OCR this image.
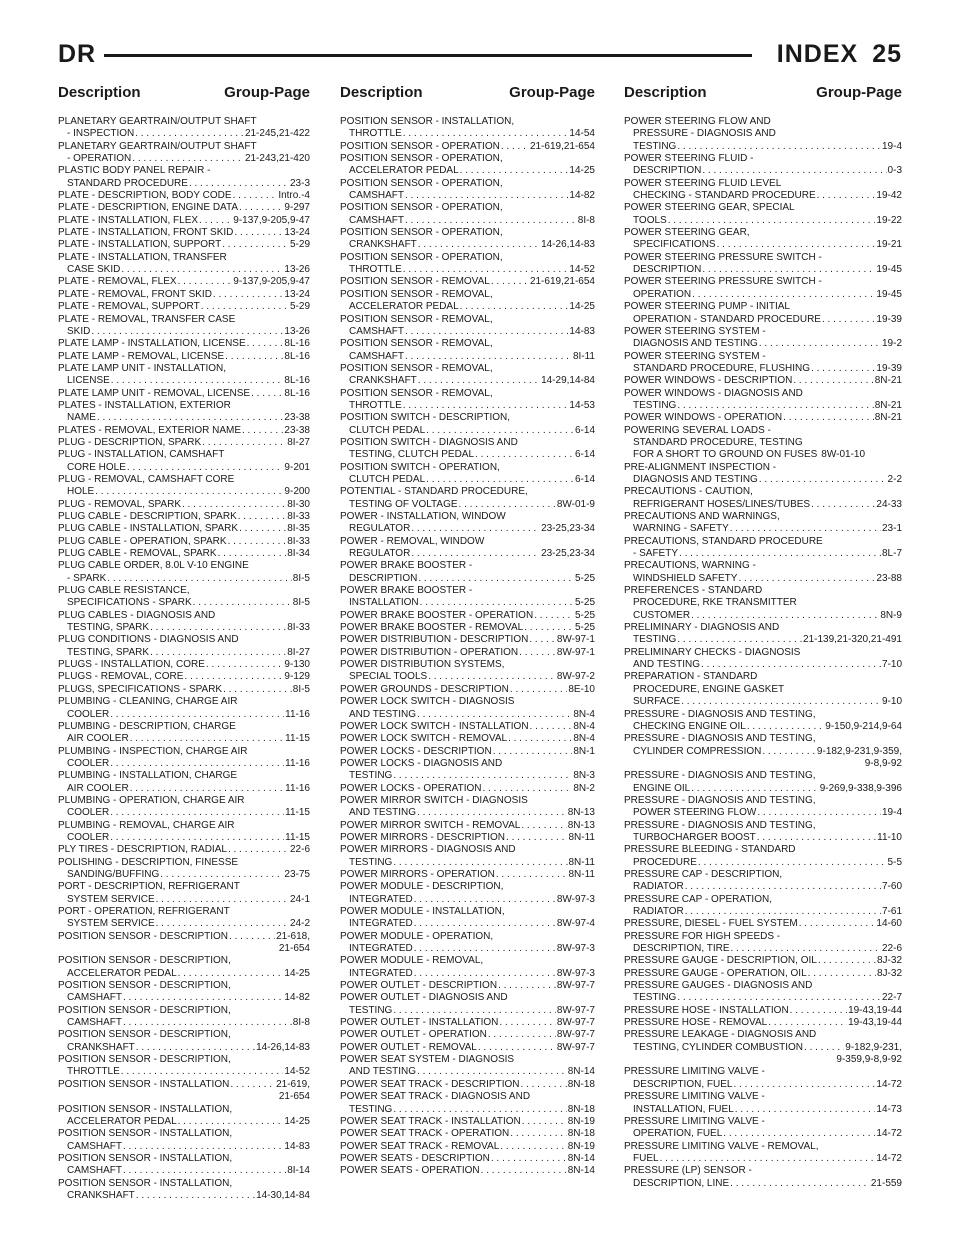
DR	INDEX 25
Description	Group-Page Description	Group-Page Description	Group-Page
PLANETARY GEARTRAIN/OUTPUT SHAFT
- INSPECTION . . .	21-245,21-422
PLANETARY GEARTRAIN/OUTPUT SHAFT
- OPERATION . . .	21-243,21-420
PLASTIC BODY PANEL REPAIR -
STANDARD PROCEDURE . . .	23-3
PLATE - DESCRIPTION, BODY CODE . . .	Intro.-4
PLATE - DESCRIPTION, ENGINE DATA . . .	9-297
PLATE - INSTALLATION, FLEX . . .	9-137,9-205,9-47
PLATE - INSTALLATION, FRONT SKID . . .	13-24
PLATE - INSTALLATION, SUPPORT . . .	5-29
PLATE - INSTALLATION, TRANSFER
CASE SKID . . .	13-26
PLATE - REMOVAL, FLEX . . .	9-137,9-205,9-47
PLATE - REMOVAL, FRONT SKID . . .	13-24
PLATE - REMOVAL, SUPPORT . . .	5-29
PLATE - REMOVAL, TRANSFER CASE
SKID . . .	13-26
PLATE LAMP - INSTALLATION, LICENSE . . .	8L-16
PLATE LAMP - REMOVAL, LICENSE . . .	8L-16
PLATE LAMP UNIT - INSTALLATION,
LICENSE . . .	8L-16
PLATE LAMP UNIT - REMOVAL, LICENSE . . .	8L-16
PLATES - INSTALLATION, EXTERIOR
NAME . . .	23-38
PLATES - REMOVAL, EXTERIOR NAME . . .	23-38
PLUG - DESCRIPTION, SPARK . . .	8I-27
PLUG - INSTALLATION, CAMSHAFT
CORE HOLE . . .	9-201
PLUG - REMOVAL, CAMSHAFT CORE
HOLE . . .	9-200
PLUG - REMOVAL, SPARK . . .	8I-30
PLUG CABLE - DESCRIPTION, SPARK . . .	8I-33
PLUG CABLE - INSTALLATION, SPARK . . .	8I-35
PLUG CABLE - OPERATION, SPARK . . .	8I-33
PLUG CABLE - REMOVAL, SPARK . . .	8I-34
PLUG CABLE ORDER, 8.0L V-10 ENGINE
- SPARK . . .	8I-5
PLUG CABLE RESISTANCE,
SPECIFICATIONS - SPARK . . .	8I-5
PLUG CABLES - DIAGNOSIS AND
TESTING, SPARK . . .	8I-33
PLUG CONDITIONS - DIAGNOSIS AND
TESTING, SPARK . . .	8I-27
PLUGS - INSTALLATION, CORE . . .	9-130
PLUGS - REMOVAL, CORE . . .	9-129
PLUGS, SPECIFICATIONS - SPARK . . .	8I-5
PLUMBING - CLEANING, CHARGE AIR
COOLER . . .	11-16
PLUMBING - DESCRIPTION, CHARGE
AIR COOLER . . .	11-15
PLUMBING - INSPECTION, CHARGE AIR
COOLER . . .	11-16
PLUMBING - INSTALLATION, CHARGE
AIR COOLER . . .	11-16
PLUMBING - OPERATION, CHARGE AIR
COOLER . . .	11-15
PLUMBING - REMOVAL, CHARGE AIR
COOLER . . .	11-15
PLY TIRES - DESCRIPTION, RADIAL . . .	22-6
POLISHING - DESCRIPTION, FINESSE
SANDING/BUFFING . . .	23-75
PORT - DESCRIPTION, REFRIGERANT
SYSTEM SERVICE . . .	24-1
PORT - OPERATION, REFRIGERANT
SYSTEM SERVICE . . .	24-2
POSITION SENSOR - DESCRIPTION . . .	21-618,
21-654
POSITION SENSOR - DESCRIPTION,
ACCELERATOR PEDAL . . .	14-25
POSITION SENSOR - DESCRIPTION,
CAMSHAFT . . .	14-82
POSITION SENSOR - DESCRIPTION,
CAMSHAFT . . .	8I-8
POSITION SENSOR - DESCRIPTION,
CRANKSHAFT . . .	14-26,14-83
POSITION SENSOR - DESCRIPTION,
THROTTLE . . .	14-52
POSITION SENSOR - INSTALLATION . . .	21-619,
21-654
POSITION SENSOR - INSTALLATION,
ACCELERATOR PEDAL . . .	14-25
POSITION SENSOR - INSTALLATION,
CAMSHAFT . . .	14-83
POSITION SENSOR - INSTALLATION,
CAMSHAFT . . .	8I-14
POSITION SENSOR - INSTALLATION,
CRANKSHAFT . . .	14-30,14-84
POSITION SENSOR - INSTALLATION,
THROTTLE . . .	14-54
POSITION SENSOR - OPERATION . . .	21-619,21-654
POSITION SENSOR - OPERATION,
ACCELERATOR PEDAL . . .	14-25
POSITION SENSOR - OPERATION,
CAMSHAFT . . .	14-82
POSITION SENSOR - OPERATION,
CAMSHAFT . . .	8I-8
POSITION SENSOR - OPERATION,
CRANKSHAFT . . .	14-26,14-83
POSITION SENSOR - OPERATION,
THROTTLE . . .	14-52
POSITION SENSOR - REMOVAL . . .	21-619,21-654
POSITION SENSOR - REMOVAL,
ACCELERATOR PEDAL . . .	14-25
POSITION SENSOR - REMOVAL,
CAMSHAFT . . .	14-83
POSITION SENSOR - REMOVAL,
CAMSHAFT . . .	8I-11
POSITION SENSOR - REMOVAL,
CRANKSHAFT . . .	14-29,14-84
POSITION SENSOR - REMOVAL,
THROTTLE . . .	14-53
POSITION SWITCH - DESCRIPTION,
CLUTCH PEDAL . . .	6-14
POSITION SWITCH - DIAGNOSIS AND
TESTING, CLUTCH PEDAL . . .	6-14
POSITION SWITCH - OPERATION,
CLUTCH PEDAL . . .	6-14
POTENTIAL - STANDARD PROCEDURE,
TESTING OF VOLTAGE . . .	8W-01-9
POWER - INSTALLATION, WINDOW
REGULATOR . . .	23-25,23-34
POWER - REMOVAL, WINDOW
REGULATOR . . .	23-25,23-34
POWER BRAKE BOOSTER -
DESCRIPTION . . .	5-25
POWER BRAKE BOOSTER -
INSTALLATION . . .	5-25
POWER BRAKE BOOSTER - OPERATION . . .	5-25
POWER BRAKE BOOSTER - REMOVAL . . .	5-25
POWER DISTRIBUTION - DESCRIPTION . . .	8W-97-1
POWER DISTRIBUTION - OPERATION . . .	8W-97-1
POWER DISTRIBUTION SYSTEMS,
SPECIAL TOOLS . . .	8W-97-2
POWER GROUNDS - DESCRIPTION . . .	8E-10
POWER LOCK SWITCH - DIAGNOSIS
AND TESTING . . .	8N-4
POWER LOCK SWITCH - INSTALLATION . . .	8N-4
POWER LOCK SWITCH - REMOVAL . . .	8N-4
POWER LOCKS - DESCRIPTION . . .	8N-1
POWER LOCKS - DIAGNOSIS AND
TESTING . . .	8N-3
POWER LOCKS - OPERATION . . .	8N-2
POWER MIRROR SWITCH - DIAGNOSIS
AND TESTING . . .	8N-13
POWER MIRROR SWITCH - REMOVAL . . .	8N-13
POWER MIRRORS - DESCRIPTION . . .	8N-11
POWER MIRRORS - DIAGNOSIS AND
TESTING . . .	8N-11
POWER MIRRORS - OPERATION . . .	8N-11
POWER MODULE - DESCRIPTION,
INTEGRATED . . .	8W-97-3
POWER MODULE - INSTALLATION,
INTEGRATED . . .	8W-97-4
POWER MODULE - OPERATION,
INTEGRATED . . .	8W-97-3
POWER MODULE - REMOVAL,
INTEGRATED . . .	8W-97-3
POWER OUTLET - DESCRIPTION . . .	8W-97-7
POWER OUTLET - DIAGNOSIS AND
TESTING . . .	8W-97-7
POWER OUTLET - INSTALLATION . . .	8W-97-7
POWER OUTLET - OPERATION . . .	8W-97-7
POWER OUTLET - REMOVAL . . .	8W-97-7
POWER SEAT SYSTEM - DIAGNOSIS
AND TESTING . . .	8N-14
POWER SEAT TRACK - DESCRIPTION . . .	8N-18
POWER SEAT TRACK - DIAGNOSIS AND
TESTING . . .	8N-18
POWER SEAT TRACK - INSTALLATION . . .	8N-19
POWER SEAT TRACK - OPERATION . . .	8N-18
POWER SEAT TRACK - REMOVAL . . .	8N-19
POWER SEATS - DESCRIPTION . . .	8N-14
POWER SEATS - OPERATION . . .	8N-14
POWER STEERING FLOW AND
PRESSURE - DIAGNOSIS AND
TESTING . . .	19-4
POWER STEERING FLUID -
DESCRIPTION . . .	0-3
POWER STEERING FLUID LEVEL
CHECKING - STANDARD PROCEDURE . . .	19-42
POWER STEERING GEAR, SPECIAL
TOOLS . . .	19-22
POWER STEERING GEAR,
SPECIFICATIONS . . .	19-21
POWER STEERING PRESSURE SWITCH -
DESCRIPTION . . .	19-45
POWER STEERING PRESSURE SWITCH -
OPERATION . . .	19-45
POWER STEERING PUMP - INITIAL
OPERATION - STANDARD PROCEDURE . . .	19-39
POWER STEERING SYSTEM -
DIAGNOSIS AND TESTING . . .	19-2
POWER STEERING SYSTEM -
STANDARD PROCEDURE, FLUSHING . . .	19-39
POWER WINDOWS - DESCRIPTION . . .	8N-21
POWER WINDOWS - DIAGNOSIS AND
TESTING . . .	8N-21
POWER WINDOWS - OPERATION . . .	8N-21
POWERING SEVERAL LOADS -
STANDARD PROCEDURE, TESTING
FOR A SHORT TO GROUND ON FUSES 8W-01-10
PRE-ALIGNMENT INSPECTION -
DIAGNOSIS AND TESTING . . .	2-2
PRECAUTIONS - CAUTION,
REFRIGERANT HOSES/LINES/TUBES . . .	24-33
PRECAUTIONS AND WARNINGS,
WARNING - SAFETY . . .	23-1
PRECAUTIONS, STANDARD PROCEDURE
- SAFETY . . .	8L-7
PRECAUTIONS, WARNING -
WINDSHIELD SAFETY . . .	23-88
PREFERENCES - STANDARD
PROCEDURE, RKE TRANSMITTER
CUSTOMER . . .	8N-9
PRELIMINARY - DIAGNOSIS AND
TESTING . . .	21-139,21-320,21-491
PRELIMINARY CHECKS - DIAGNOSIS
AND TESTING . . .	7-10
PREPARATION - STANDARD
PROCEDURE, ENGINE GASKET
SURFACE . . .	9-10
PRESSURE - DIAGNOSIS AND TESTING,
CHECKING ENGINE OIL . . .	9-150,9-214,9-64
PRESSURE - DIAGNOSIS AND TESTING,
CYLINDER COMPRESSION . . .	9-182,9-231,9-359,
9-8,9-92
PRESSURE - DIAGNOSIS AND TESTING,
ENGINE OIL . . .	9-269,9-338,9-396
PRESSURE - DIAGNOSIS AND TESTING,
POWER STEERING FLOW . . .	19-4
PRESSURE - DIAGNOSIS AND TESTING,
TURBOCHARGER BOOST . . .	11-10
PRESSURE BLEEDING - STANDARD
PROCEDURE . . .	5-5
PRESSURE CAP - DESCRIPTION,
RADIATOR . . .	7-60
PRESSURE CAP - OPERATION,
RADIATOR . . .	7-61
PRESSURE, DIESEL - FUEL SYSTEM . . .	14-60
PRESSURE FOR HIGH SPEEDS -
DESCRIPTION, TIRE . . .	22-6
PRESSURE GAUGE - DESCRIPTION, OIL . . .	8J-32
PRESSURE GAUGE - OPERATION, OIL . . .	8J-32
PRESSURE GAUGES - DIAGNOSIS AND
TESTING . . .	22-7
PRESSURE HOSE - INSTALLATION . . .	19-43,19-44
PRESSURE HOSE - REMOVAL . . .	19-43,19-44
PRESSURE LEAKAGE - DIAGNOSIS AND
TESTING, CYLINDER COMBUSTION . . .	9-182,9-231,
9-359,9-8,9-92
PRESSURE LIMITING VALVE -
DESCRIPTION, FUEL . . .	14-72
PRESSURE LIMITING VALVE -
INSTALLATION, FUEL . . .	14-73
PRESSURE LIMITING VALVE -
OPERATION, FUEL . . .	14-72
PRESSURE LIMITING VALVE - REMOVAL,
FUEL . . .	14-72
PRESSURE (LP) SENSOR -
DESCRIPTION, LINE . . .	21-559
